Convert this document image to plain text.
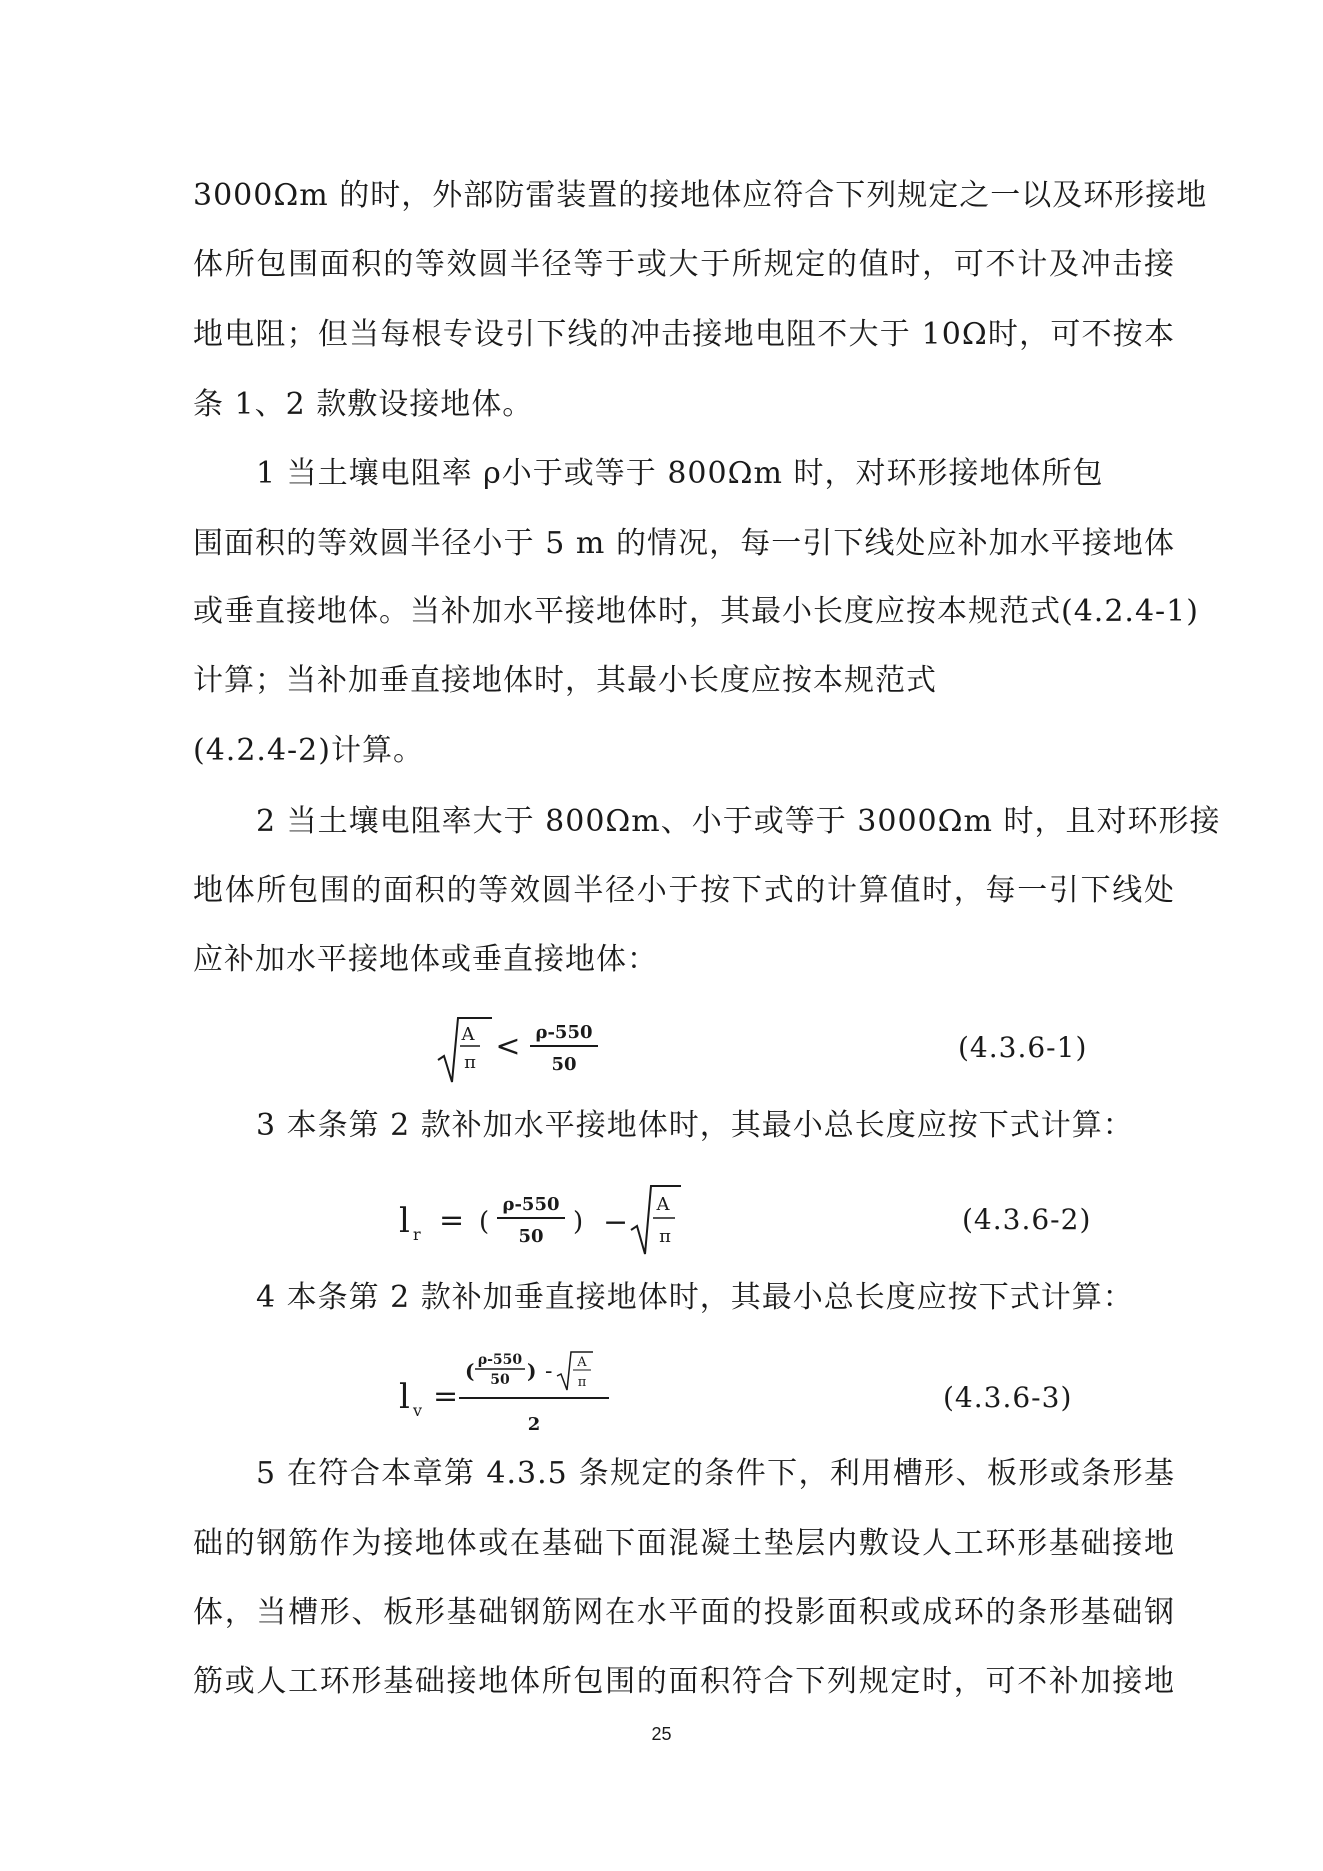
3000Ωm 的时，外部防雷装置的接地体应符合下列规定之一以及环形接地
体所包围面积的等效圆半径等于或大于所规定的值时，可不计及冲击接
地电阻；但当每根专设引下线的冲击接地电阻不大于 10Ω时，可不按本
条 1、2 款敷设接地体。
1 当土壤电阻率 ρ小于或等于 800Ωm 时，对环形接地体所包
围面积的等效圆半径小于 5 m 的情况，每一引下线处应补加水平接地体
或垂直接地体。当补加水平接地体时，其最小长度应按本规范式(4.2.4-1)
计算；当补加垂直接地体时，其最小长度应按本规范式
(4.2.4-2)计算。
2 当土壤电阻率大于 800Ωm、小于或等于 3000Ωm 时，且对环形接
地体所包围的面积的等效圆半径小于按下式的计算值时，每一引下线处
应补加水平接地体或垂直接地体：
A
π < ρ-550
50
(4.3.6-1)
3 本条第 2 款补加水平接地体时，其最小总长度应按下式计算：
l r = (
ρ-550
50 ) −
A
π
(4.3.6-2)
4 本条第 2 款补加垂直接地体时，其最小总长度应按下式计算：
l v =
( ρ-550
50 ) - A
π
2
(4.3.6-3)
5 在符合本章第 4.3.5 条规定的条件下，利用槽形、板形或条形基
础的钢筋作为接地体或在基础下面混凝土垫层内敷设人工环形基础接地
体，当槽形、板形基础钢筋网在水平面的投影面积或成环的条形基础钢
筋或人工环形基础接地体所包围的面积符合下列规定时，可不补加接地
25
